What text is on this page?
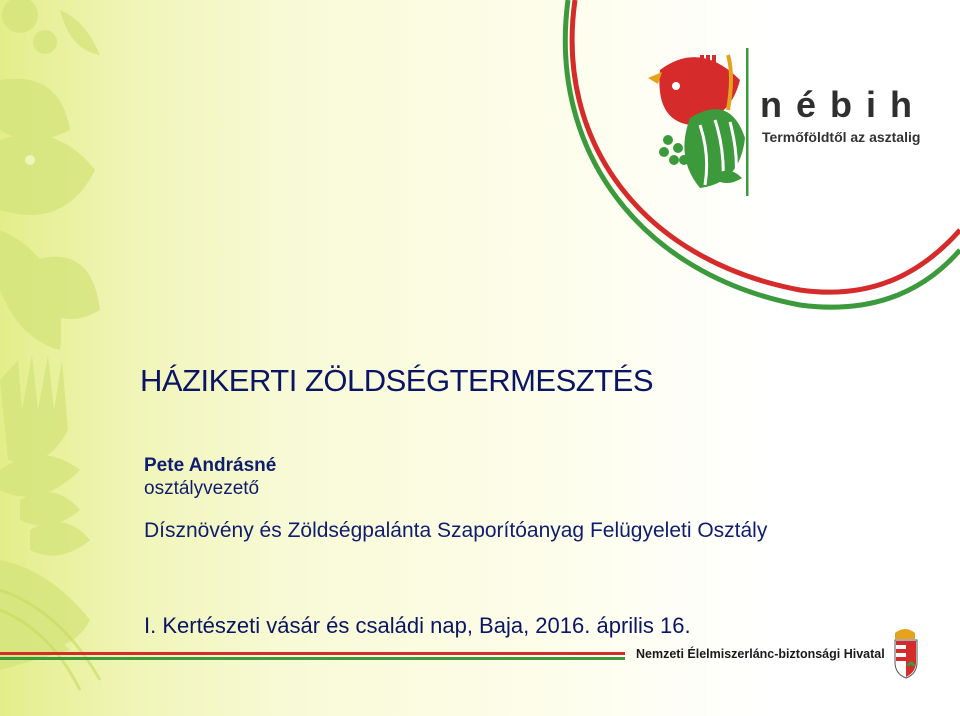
HÁZIKERTI ZÖLDSÉGTERMESZTÉS
Pete Andrásné
osztályvezető
Dísznövény és Zöldségpalánta Szaporítóanyag Felügyeleti Osztály
I. Kertészeti vásár és családi nap, Baja, 2016. április 16.
nébih
Termőföldtől az asztalig
Nemzeti Élelmiszerlánc-biztonsági Hivatal
